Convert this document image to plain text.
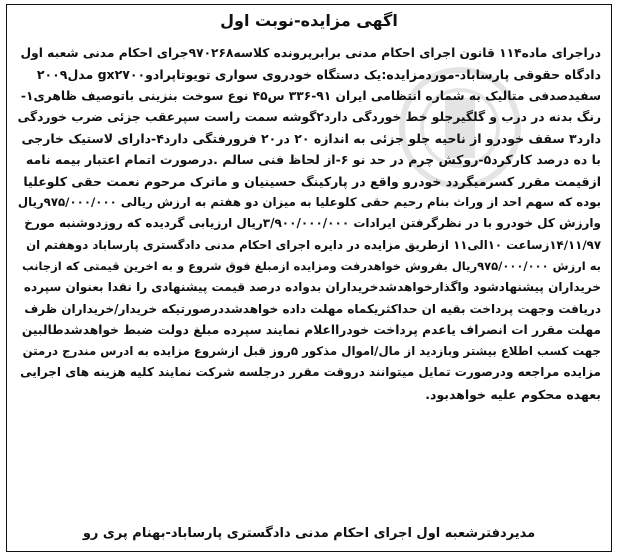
اگهی مزایده-نوبت اول
دراجرای ماده۱۱۴ قانون اجرای احکام مدنی برابرپرونده کلاسه۹۷۰۲۶۸جرای احکام مدنی شعبه اول
دادگاه حقوقی پارساباد-موردمزایده:یک دستگاه خودروی سواری تویوتاپرادوgx۲۷۰۰ مدل۲۰۰۹
سفیدصدفی متالیک به شماره انتظامی ایران ۹۱-۳۳۶ س۴۵ نوع سوخت بنزینی باتوصیف ظاهری۱-
رنگ بدنه در درب و گلگیرجلو خط خوردگی دارد۲گوشه سمت راست سپرعقب جزئی ضرب خوردگی
دارد۳ سقف خودرو از ناحیه جلو جزئی به اندازه ۲۰ در۲۰ فرورفتگی دارد۴-دارای لاستیک خارجی
با ده درصد کارکرد۵-روکش چرم در حد نو ۶-از لحاظ فنی سالم .درصورت اتمام اعتبار بیمه نامه
ازقیمت مقرر کسرمیگردد خودرو واقع در پارکینگ حسینیان و ماترک مرحوم نعمت حقی کلوعلیا
بوده که سهم احد از وراث بنام رحیم حقی کلوعلیا به میزان دو هفتم به ارزش ریالی ۹۷۵/۰۰۰/۰۰۰ریال
وارزش کل خودرو با در نظرگرفتن ایرادات ۳/۹۰۰/۰۰۰/۰۰۰ریال ارزیابی گردیده که روزدوشنبه مورخ
۱۴/۱۱/۹۷زساعت ۱۰الی۱۱ ازطریق مزایده در دایره اجرای احکام مدنی دادگستری پارساباد دوهفتم ان
به ارزش ۹۷۵/۰۰۰/۰۰۰ریال بفروش خواهدرفت ومزایده ازمبلغ فوق شروع و به اخرین قیمتی که ازجانب
خریداران پیشنهادشود واگذارخواهدشدخریداران بدواده درصد قیمت پیشنهادی را نقدا بعنوان سپرده
دریافت وجهت پرداخت بقیه ان حداکثریکماه مهلت داده خواهدشددرصورتیکه خریدار/خریداران ظرف
مهلت مقرر ات انصراف یاعدم پرداخت خودرااعلام نمایند سپرده مبلغ دولت ضبط خواهدشدطالبین
جهت کسب اطلاع بیشتر وبازدید از مال/اموال مذکور ۵روز قبل ازشروع مزایده به ادرس مندرج درمتن
مزایده مراجعه ودرصورت تمایل میتوانند دروقت مقرر درجلسه شرکت نمایند کلیه هزینه های اجرایی
بعهده محکوم علیه خواهدبود.
مدیردفترشعبه اول اجرای احکام مدنی دادگستری پارساباد-بهنام پری رو
